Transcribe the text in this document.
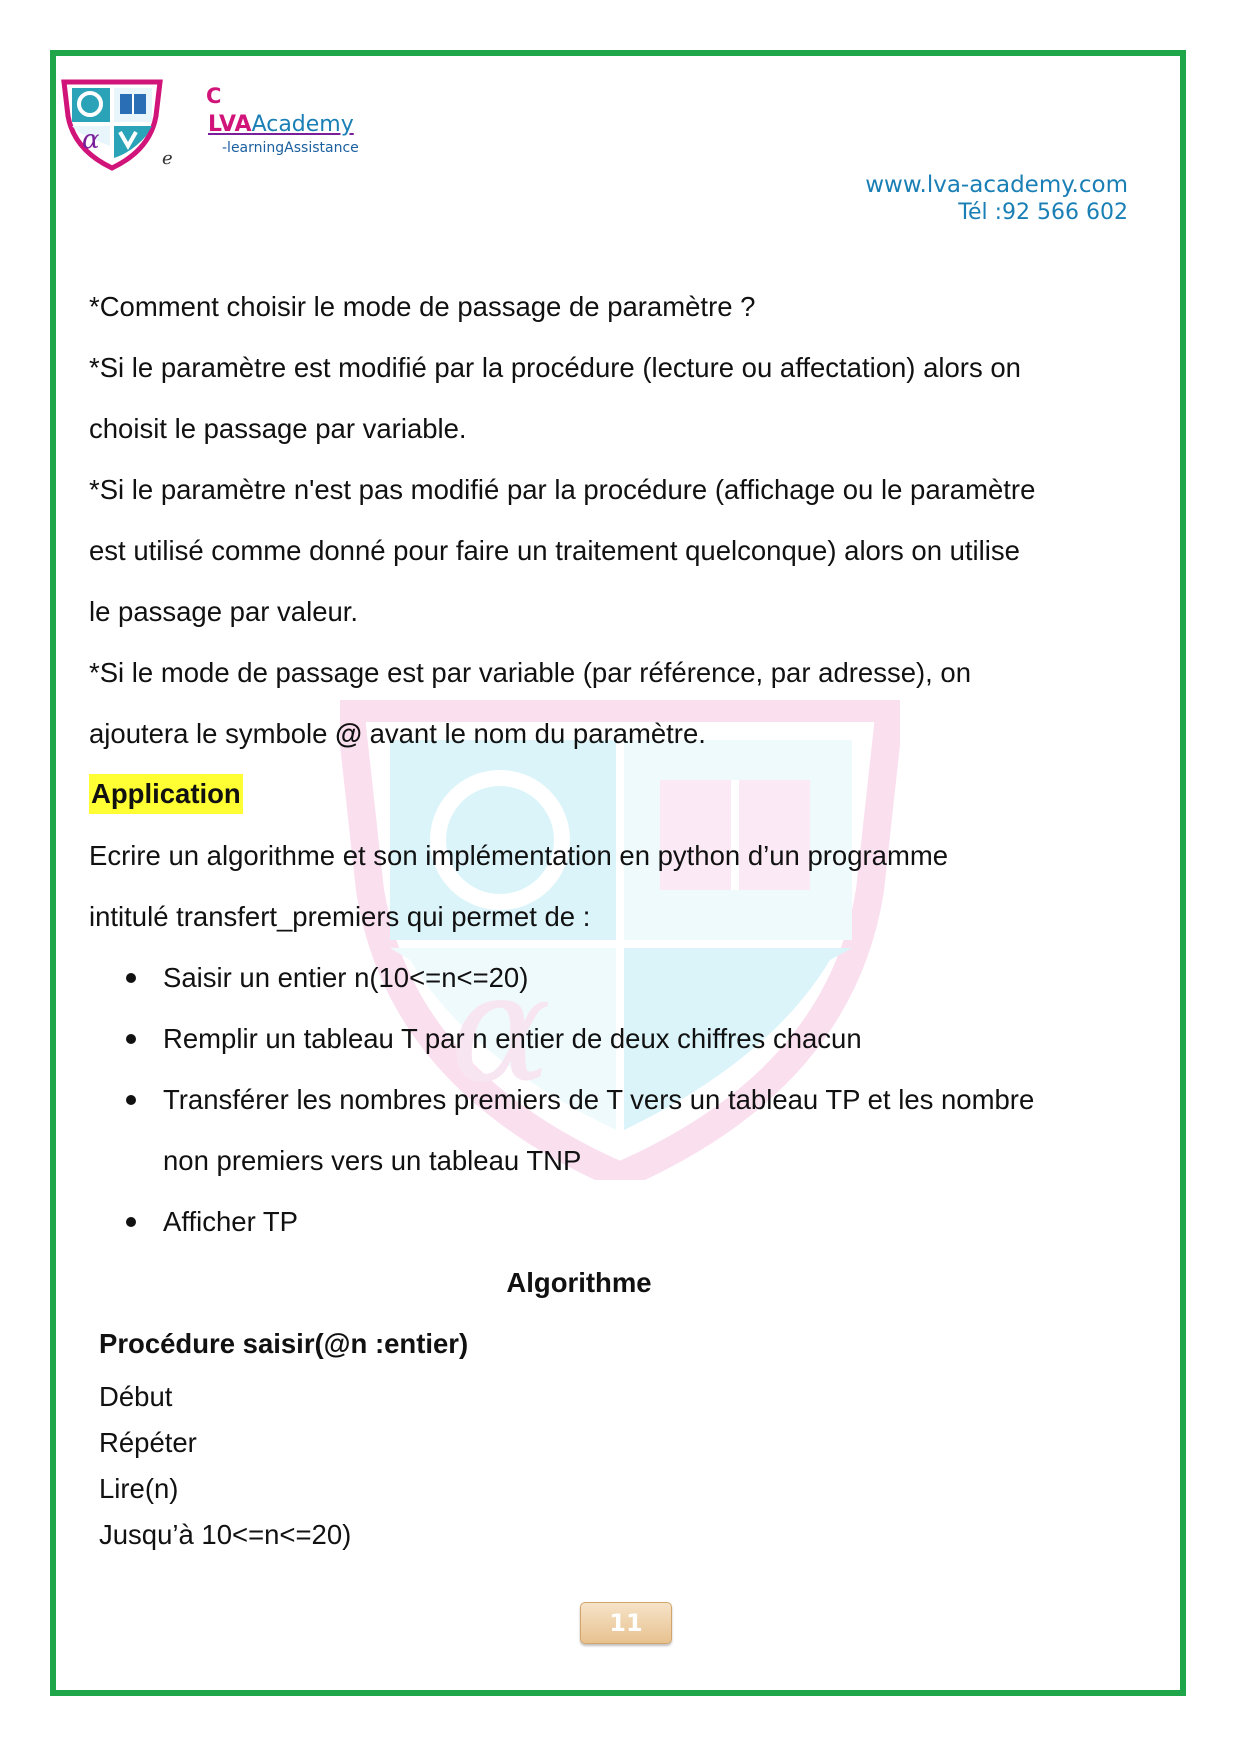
α
e
C
LVAAcademy
-learningAssistance
www.lva-academy.com
Tél :92 566 602
α

*Comment choisir le mode de passage de paramètre ?

*Si le paramètre est modifié par la procédure (lecture ou affectation) alors on

choisit le passage par variable.

*Si le paramètre n'est pas modifié par la procédure (affichage ou le paramètre

est utilisé comme donné pour faire un traitement quelconque) alors on utilise

le passage par valeur.

*Si le mode de passage est par variable (par référence, par adresse), on

ajoutera le symbole @ avant le nom du paramètre.

Application

Ecrire un algorithme et son implémentation en python d’un programme

intitulé transfert_premiers qui permet de :

Saisir un entier n(10<=n<=20)
Remplir un tableau T par n entier de deux chiffres chacun
Transférer les nombres premiers de T vers un tableau TP et les nombre
non premiers vers un tableau TNP
Afficher TP
Algorithme
Procédure saisir(@n :entier)
Début
Répéter
Lire(n)
Jusqu’à 10<=n<=20)
11
